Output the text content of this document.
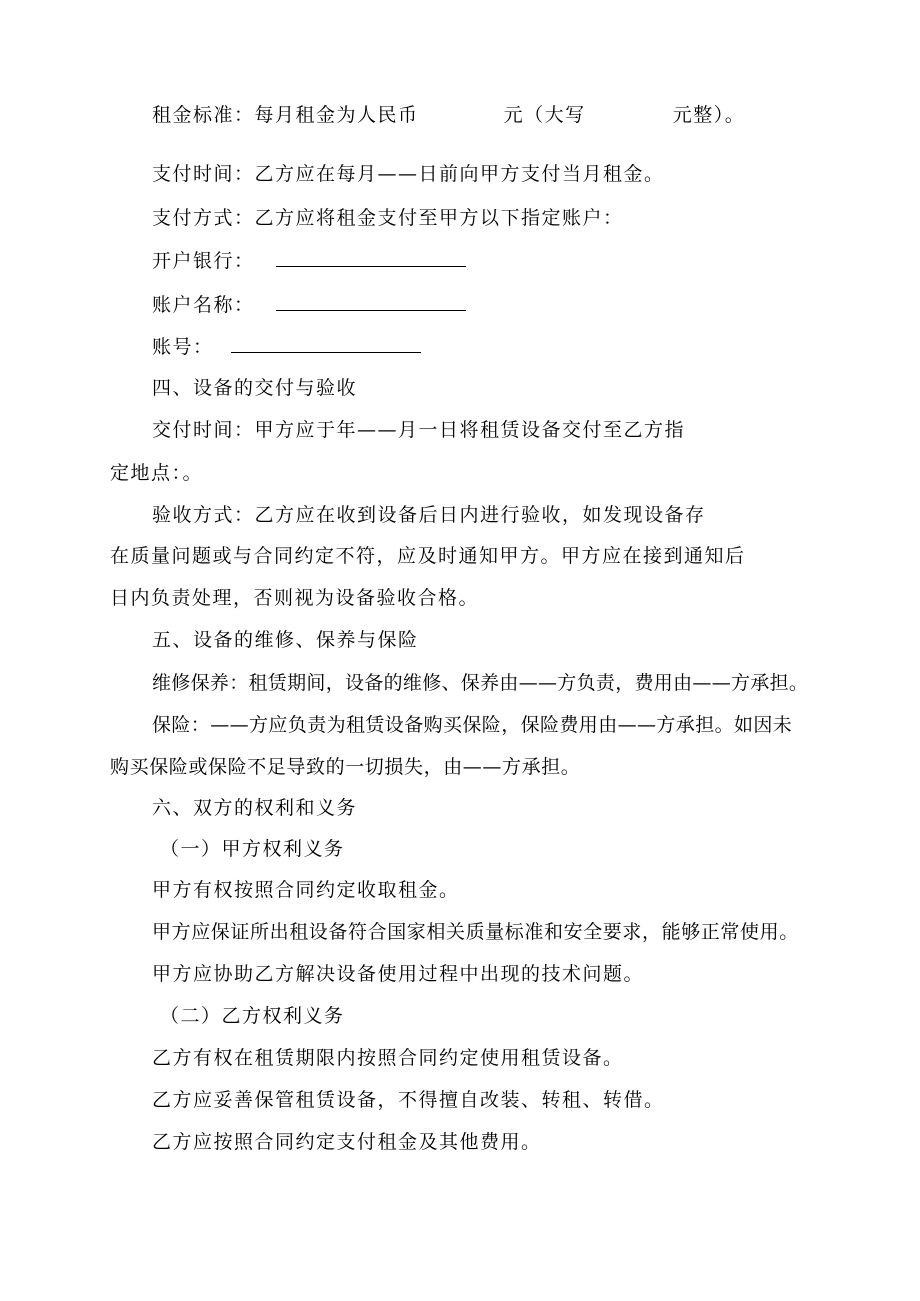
租金标准：每月租金为人民币	元（大写	元整）。
支付时间：乙方应在每月——日前向甲方支付当月租金。
支付方式：乙方应将租金支付至甲方以下指定账户：
开户银行：
账户名称：
账号：
四、设备的交付与验收
交付时间：甲方应于年——月一日将租赁设备交付至乙方指
定地点：。
验收方式：乙方应在收到设备后日内进行验收，如发现设备存
在质量问题或与合同约定不符，应及时通知甲方。甲方应在接到通知后
日内负责处理，否则视为设备验收合格。
五、设备的维修、保养与保险
维修保养：租赁期间，设备的维修、保养由——方负责，费用由——方承担。
保险：——方应负责为租赁设备购买保险，保险费用由——方承担。如因未
购买保险或保险不足导致的一切损失，由——方承担。
六、双方的权利和义务
（一）甲方权利义务
甲方有权按照合同约定收取租金。
甲方应保证所出租设备符合国家相关质量标准和安全要求，能够正常使用。
甲方应协助乙方解决设备使用过程中出现的技术问题。
（二）乙方权利义务
乙方有权在租赁期限内按照合同约定使用租赁设备。
乙方应妥善保管租赁设备，不得擅自改装、转租、转借。
乙方应按照合同约定支付租金及其他费用。
